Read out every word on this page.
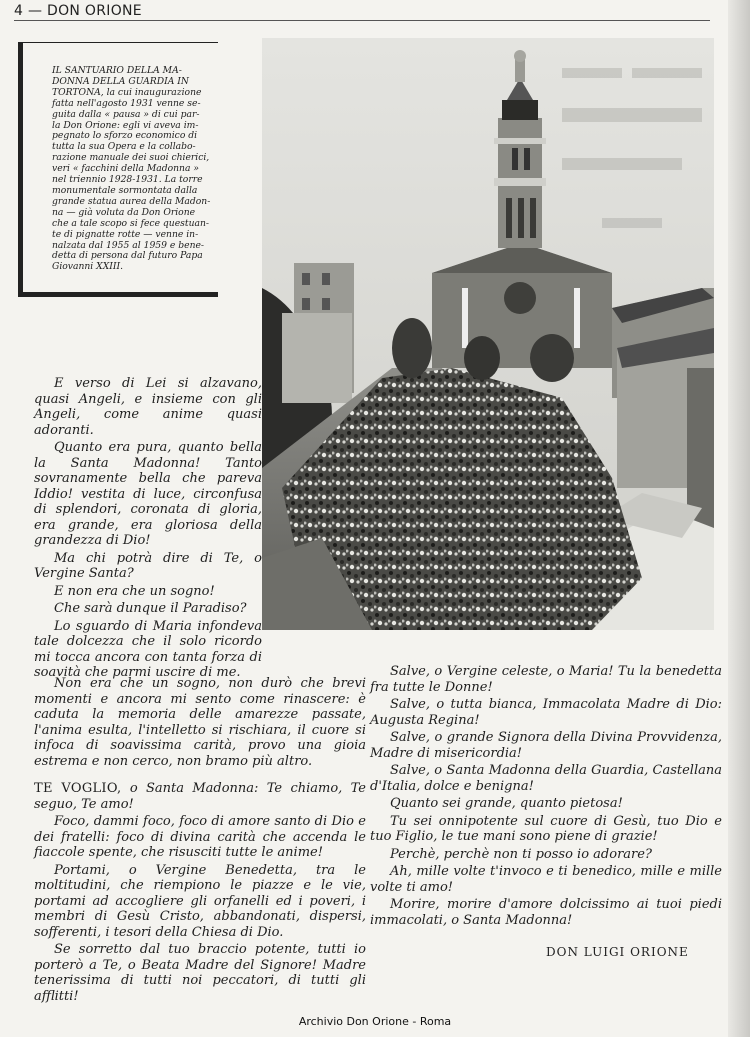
4 — DON ORIONE

IL SANTUARIO DELLA MA-
DONNA DELLA GUARDIA IN
TORTONA, la cui inaugurazione
fatta nell'agosto 1931 venne se-
guita dalla « pausa » di cui par-
la Don Orione: egli vi aveva im-
pegnato lo sforzo economico di
tutta la sua Opera e la collabo-
razione manuale dei suoi chierici,
veri « facchini della Madonna »
nel triennio 1928-1931. La torre
monumentale sormontata dalla
grande statua aurea della Madon-
na — già voluta da Don Orione
che a tale scopo si fece questuan-
te di pignatte rotte — venne in-
nalzata dal 1955 al 1959 e bene-
detta di persona dal futuro Papa
Giovanni XXIII.

E verso di Lei si alzavano, quasi Angeli, e insieme con gli Angeli, come anime quasi adoranti.

Quanto era pura, quanto bella la Santa Madonna! Tanto sovranamente bella che pareva Iddio! vestita di luce, circonfusa di splendori, coronata di gloria, era grande, era gloriosa della grandezza di Dio!

Ma chi potrà dire di Te, o Vergine Santa?

E non era che un sogno!

Che sarà dunque il Paradiso?

Lo sguardo di Maria infondeva tale dolcezza che il solo ricordo mi tocca ancora con tanta forza di soavità che parmi uscire di me.

Non era che un sogno, non durò che brevi momenti e ancora mi sento come rinascere: è caduta la memoria delle amarezze passate, l'anima esulta, l'intelletto si rischiara, il cuore si infoca di soavissima carità, provo una gioia estrema e non cerco, non bramo più altro.

TE VOGLIO, o Santa Madonna: Te chiamo, Te seguo, Te amo!

Foco, dammi foco, foco di amore santo di Dio e dei fratelli: foco di divina carità che accenda le fiaccole spente, che risusciti tutte le anime!

Portami, o Vergine Benedetta, tra le moltitudini, che riempiono le piazze e le vie, portami ad accogliere gli orfanelli ed i poveri, i membri di Gesù Cristo, abbandonati, dispersi, sofferenti, i tesori della Chiesa di Dio.

Se sorretto dal tuo braccio potente, tutti io porterò a Te, o Beata Madre del Signore! Madre tenerissima di tutti noi peccatori, di tutti gli afflitti!

Salve, o Vergine celeste, o Maria! Tu la benedetta fra tutte le Donne!

Salve, o tutta bianca, Immacolata Madre di Dio: Augusta Regina!

Salve, o grande Signora della Divina Provvidenza, Madre di misericordia!

Salve, o Santa Madonna della Guardia, Castellana d'Italia, dolce e benigna!

Quanto sei grande, quanto pietosa!

Tu sei onnipotente sul cuore di Gesù, tuo Dio e tuo Figlio, le tue mani sono piene di grazie!

Perchè, perchè non ti posso io adorare?

Ah, mille volte t'invoco e ti benedico, mille e mille volte ti amo!

Morire, morire d'amore dolcissimo ai tuoi piedi immacolati, o Santa Madonna!

DON LUIGI ORIONE
Archivio Don Orione - Roma
